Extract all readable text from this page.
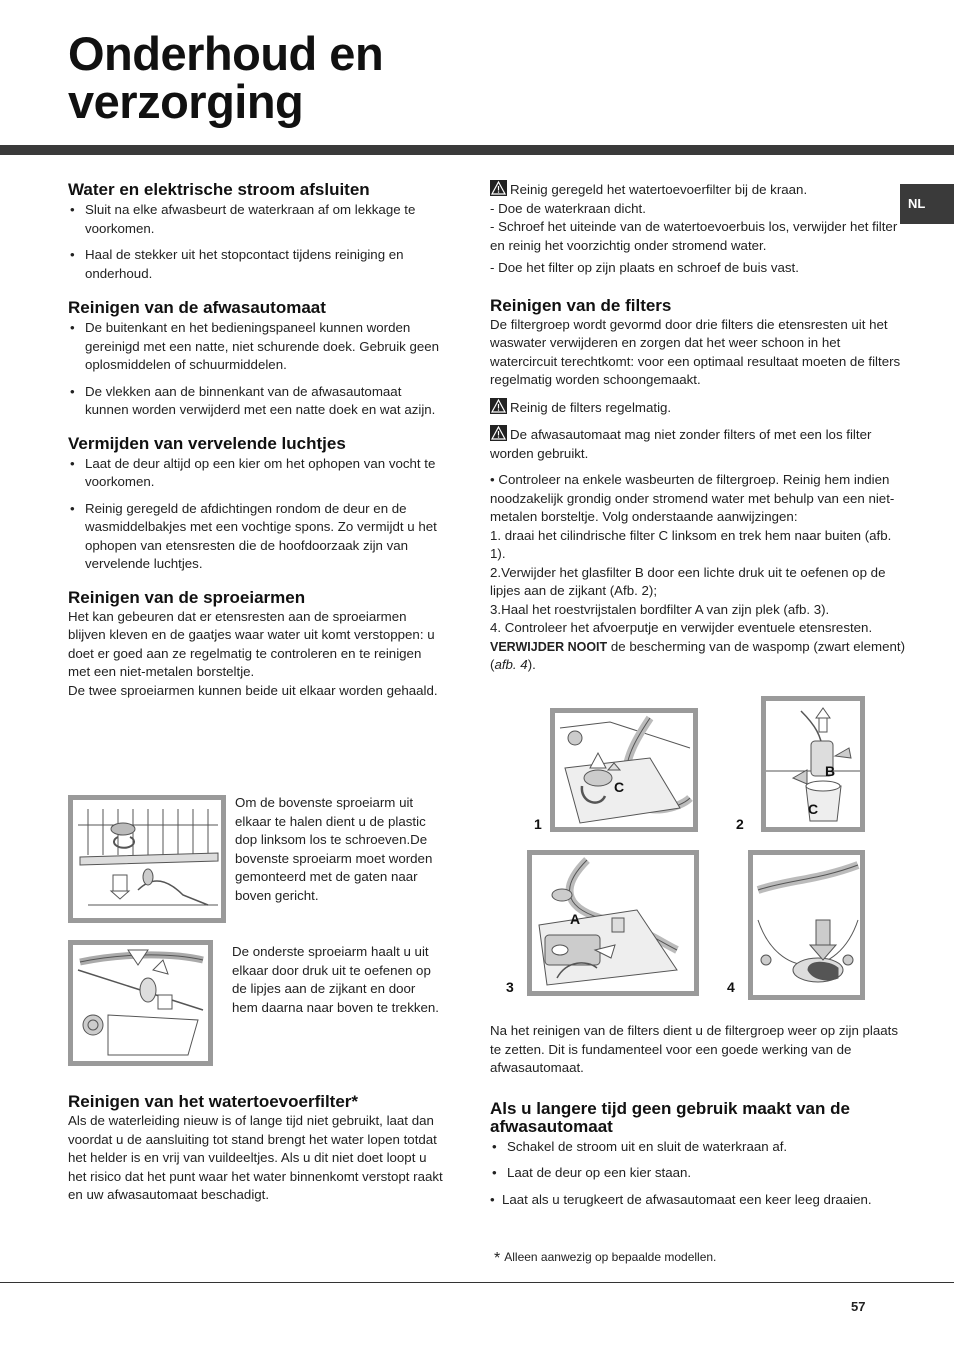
Onderhoud en
verzorging
NL
Water en elektrische stroom afsluiten
• Sluit na elke afwasbeurt de waterkraan af om lekkage te voorkomen.
• Haal de stekker uit het stopcontact tijdens reiniging en onderhoud.
Reinigen van de afwasautomaat
• De buitenkant en het bedieningspaneel kunnen worden gereinigd met een natte, niet schurende doek. Gebruik geen oplosmiddelen of schuurmiddelen.
• De vlekken aan de binnenkant van de afwasautomaat kunnen worden verwijderd met een natte doek en wat azijn.
Vermijden van vervelende luchtjes
• Laat de deur altijd op een kier om het ophopen van vocht te voorkomen.
• Reinig geregeld de afdichtingen rondom de deur en de wasmiddelbakjes met een vochtige spons. Zo vermijdt u het ophopen van etensresten die de hoofdoorzaak zijn van vervelende luchtjes.
Reinigen van de sproeiarmen
Het kan gebeuren dat er etensresten aan de sproeiarmen blijven kleven en de gaatjes waar water uit komt verstoppen: u doet er goed aan ze regelmatig te controleren en te reinigen met een niet-metalen borsteltje.
De twee sproeiarmen kunnen beide uit elkaar worden gehaald.
Om de bovenste sproeiarm uit elkaar te halen dient u de plastic dop linksom los te schroeven.De bovenste sproeiarm moet worden gemonteerd met de gaten naar boven gericht.
De onderste sproeiarm haalt u uit elkaar door druk uit te oefenen op de lipjes aan de zijkant en door hem daarna naar boven te trekken.
Reinigen van het watertoevoerfilter*
Als de waterleiding nieuw is of lange tijd niet gebruikt, laat dan voordat u de aansluiting tot stand brengt het water lopen totdat het helder is en vrij van vuildeeltjes. Als u dit niet doet loopt u het risico dat het punt waar het water binnenkomt verstopt raakt en uw afwasautomaat beschadigt.
Reinig geregeld het watertoevoerfilter bij de kraan.
- Doe de waterkraan dicht.
- Schroef het uiteinde van de watertoevoerbuis los, verwijder het filter en reinig het voorzichtig onder stromend water.
- Doe het filter op zijn plaats en schroef de buis vast.
Reinigen van de filters
De filtergroep wordt gevormd door drie filters die etensresten uit het waswater verwijderen en zorgen dat het weer schoon in het watercircuit terechtkomt: voor een optimaal resultaat moeten de filters regelmatig worden schoongemaakt.
Reinig de filters regelmatig.
De afwasautomaat mag niet zonder filters of met een los filter worden gebruikt.
• Controleer na enkele wasbeurten de filtergroep. Reinig hem indien noodzakelijk grondig onder stromend water met behulp van een niet-metalen borsteltje. Volg onderstaande aanwijzingen:
1. draai het cilindrische filter C linksom en trek hem naar buiten (afb. 1).
2.Verwijder het glasfilter B door een lichte druk uit te oefenen op de lipjes aan de zijkant (Afb. 2);
3.Haal het roestvrijstalen bordfilter A van zijn plek (afb. 3).
4. Controleer het afvoerputje en verwijder eventuele etensresten. VERWIJDER NOOIT de bescherming van de waspomp (zwart element) (afb. 4).
1
C
2
B
C
3
A
4
Na het reinigen van de filters dient u de filtergroep weer op zijn plaats te zetten. Dit is fundamenteel voor een goede werking van de afwasautomaat.
Als u langere tijd geen gebruik maakt van de afwasautomaat
• Schakel de stroom uit en sluit de waterkraan af.
• Laat de deur op een kier staan.
• Laat als u terugkeert de afwasautomaat een keer leeg draaien.
* Alleen aanwezig op bepaalde modellen.
57
